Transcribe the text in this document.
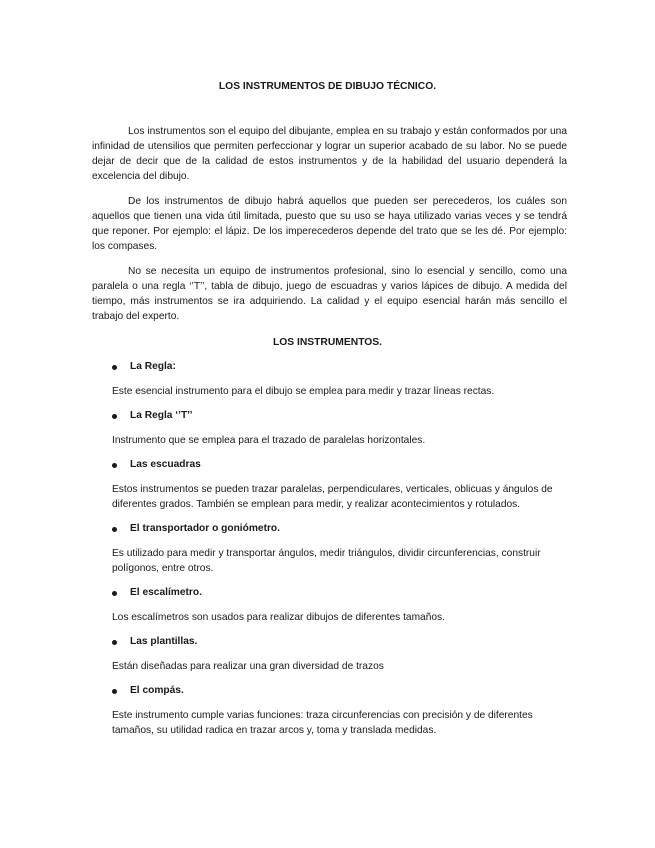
LOS INSTRUMENTOS DE DIBUJO TÉCNICO.

Los instrumentos son el equipo del dibujante, emplea en su trabajo y están conformados por una infinidad de utensilios que permiten perfeccionar y lograr un superior acabado de su labor. No se puede dejar de decir que de la calidad de estos instrumentos y de la habilidad del usuario dependerá la excelencia del dibujo.

De los instrumentos de dibujo habrá aquellos que pueden ser perecederos, los cuáles son aquellos que tienen una vida útil limitada, puesto que su uso se haya utilizado varias veces y se tendrá que reponer. Por ejemplo: el lápiz. De los imperecederos depende del trato que se les dé. Por ejemplo: los compases.

No se necesita un equipo de instrumentos profesional, sino lo esencial y sencillo, como una paralela o una regla ‘’T’’, tabla de dibujo, juego de escuadras y varios lápices de dibujo. A medida del tiempo, más instrumentos se ira adquiriendo. La calidad y el equipo esencial harán más sencillo el trabajo del experto.

LOS INSTRUMENTOS.
La Regla:

Este esencial instrumento para el dibujo se emplea para medir y trazar líneas rectas.

La Regla ‘’T’’

Instrumento que se emplea para el trazado de paralelas horizontales.

Las escuadras

Estos instrumentos se pueden trazar paralelas, perpendiculares, verticales, oblicuas y ángulos de diferentes grados. También se emplean para medir, y realizar acontecimientos y rotulados.

El transportador o goniómetro.

Es utilizado para medir y transportar ángulos, medir triángulos, dividir circunferencias, construir polígonos, entre otros.

El escalímetro.

Los escalímetros son usados para realizar dibujos de diferentes tamaños.

Las plantillas.

Están diseñadas para realizar una gran diversidad de trazos

El compás.

Este instrumento cumple varias funciones: traza circunferencias con precisión y de diferentes tamaños, su utilidad radica en trazar arcos y, toma y translada medidas.
